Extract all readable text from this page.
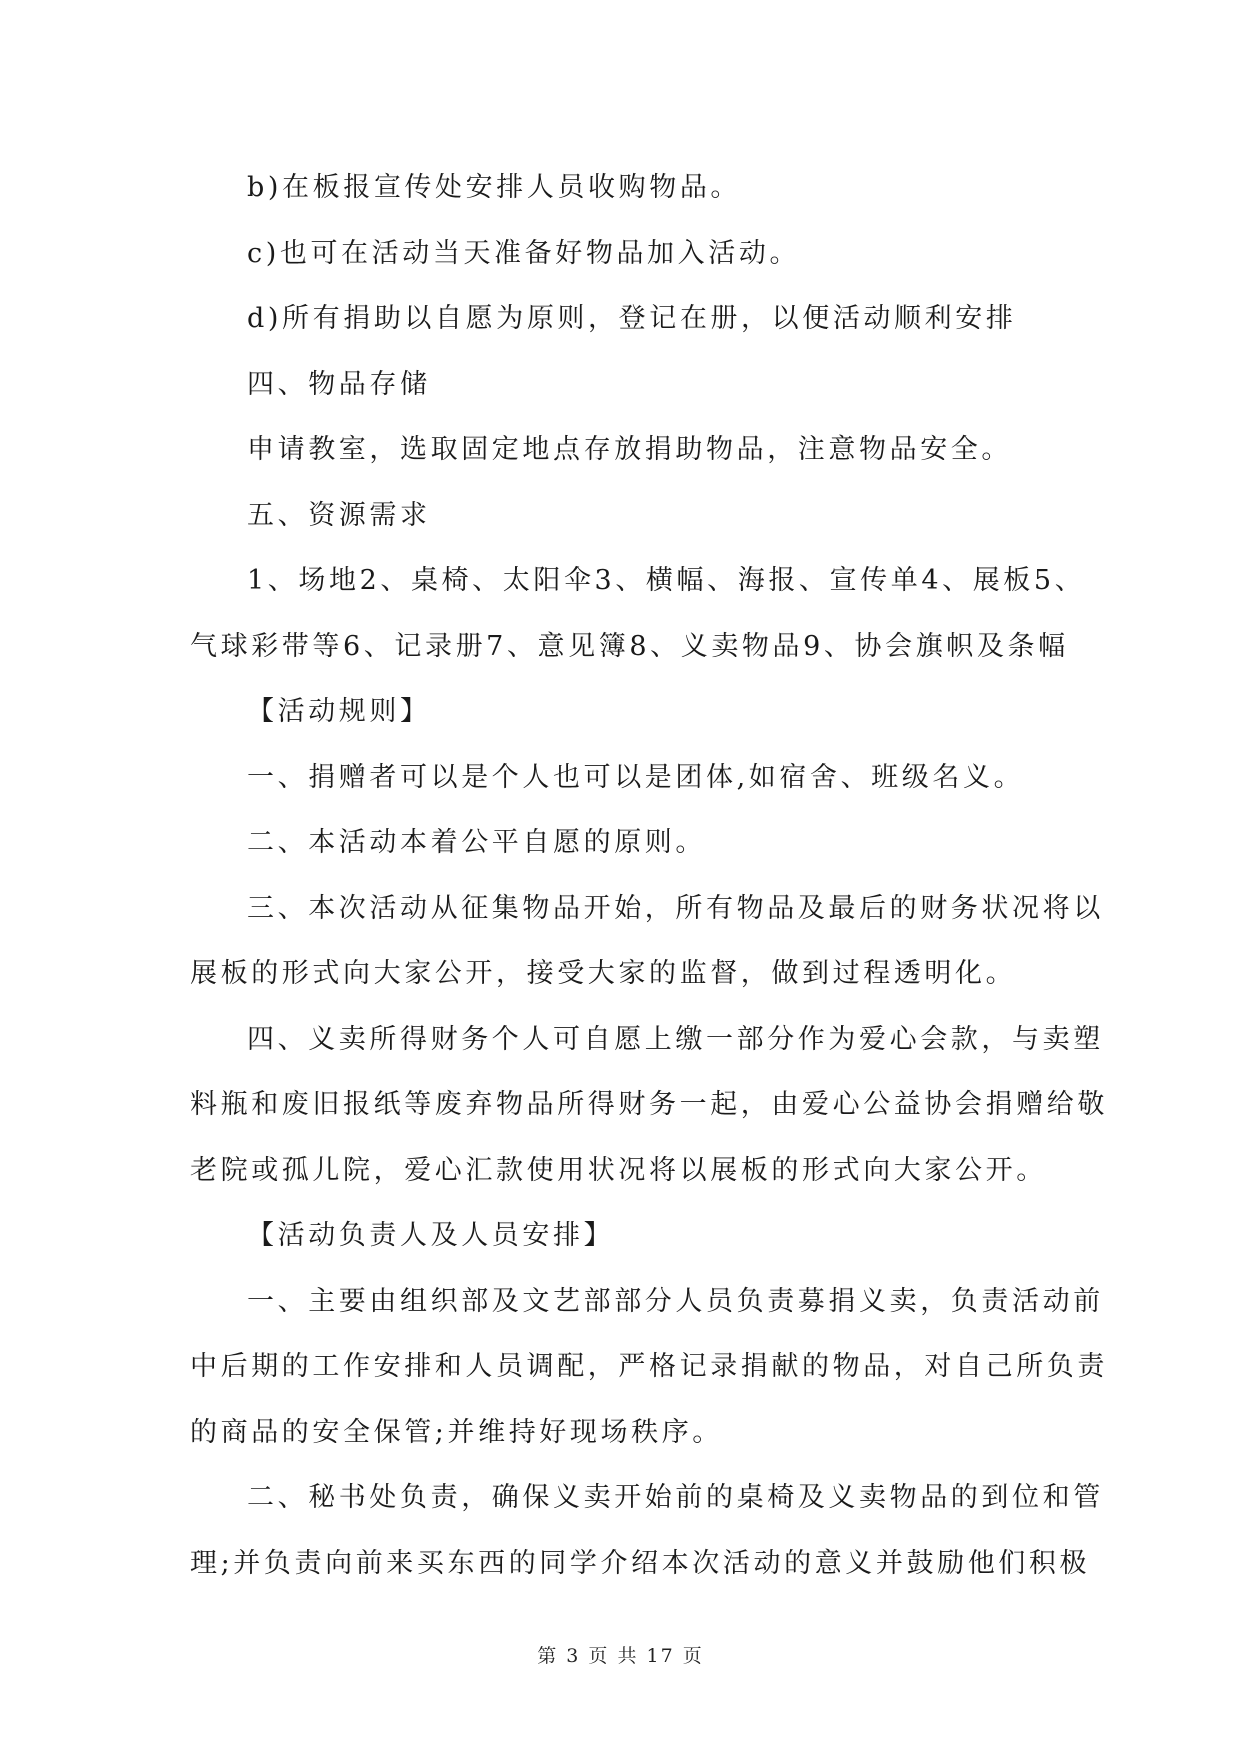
b)在板报宣传处安排人员收购物品。
c)也可在活动当天准备好物品加入活动。
d)所有捐助以自愿为原则，登记在册，以便活动顺利安排
四、物品存储
申请教室，选取固定地点存放捐助物品，注意物品安全。
五、资源需求
1、场地2、桌椅、太阳伞3、横幅、海报、宣传单4、展板5、
气球彩带等6、记录册7、意见簿8、义卖物品9、协会旗帜及条幅
【活动规则】
一、捐赠者可以是个人也可以是团体,如宿舍、班级名义。
二、本活动本着公平自愿的原则。
三、本次活动从征集物品开始，所有物品及最后的财务状况将以
展板的形式向大家公开，接受大家的监督，做到过程透明化。
四、义卖所得财务个人可自愿上缴一部分作为爱心会款，与卖塑
料瓶和废旧报纸等废弃物品所得财务一起，由爱心公益协会捐赠给敬
老院或孤儿院，爱心汇款使用状况将以展板的形式向大家公开。
【活动负责人及人员安排】
一、主要由组织部及文艺部部分人员负责募捐义卖，负责活动前
中后期的工作安排和人员调配，严格记录捐献的物品，对自己所负责
的商品的安全保管;并维持好现场秩序。
二、秘书处负责，确保义卖开始前的桌椅及义卖物品的到位和管
理;并负责向前来买东西的同学介绍本次活动的意义并鼓励他们积极
第 3 页 共 17 页
